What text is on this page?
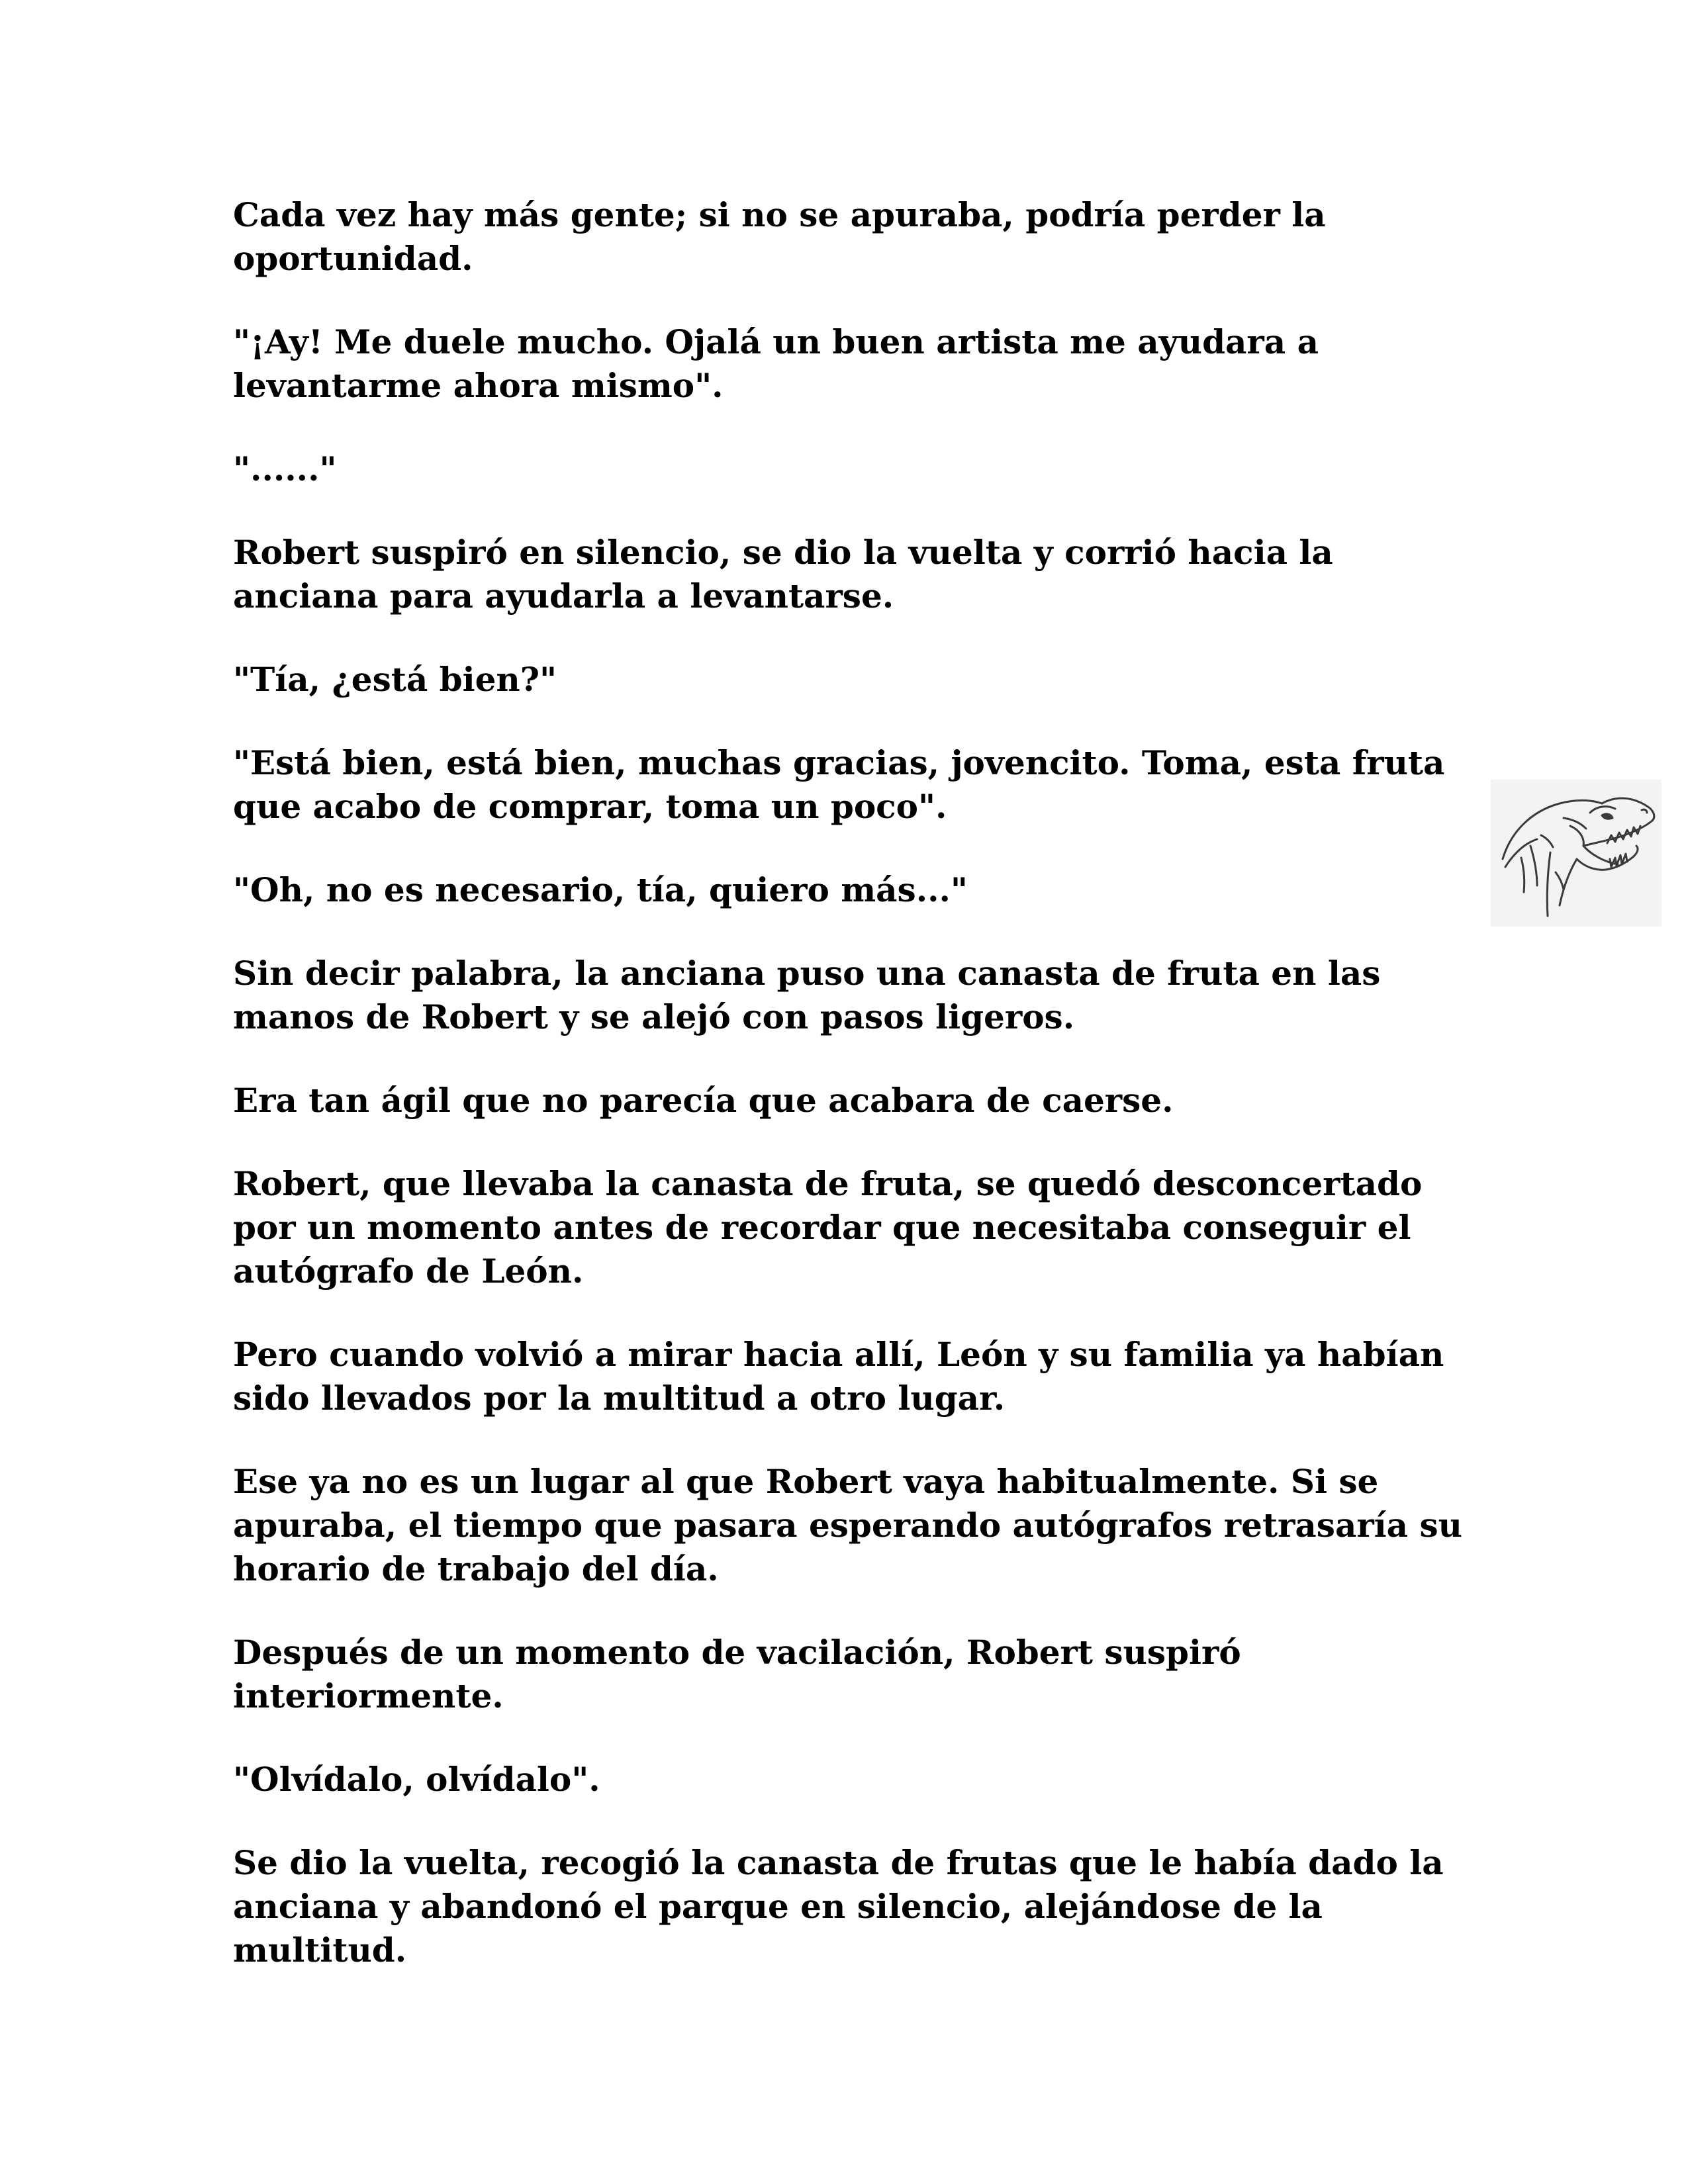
Cada vez hay más gente; si no se apuraba, podría perder la oportunidad.

"¡Ay! Me duele mucho. Ojalá un buen artista me ayudara a levantarme ahora mismo".

"......"

Robert suspiró en silencio, se dio la vuelta y corrió hacia la anciana para ayudarla a levantarse.

"Tía, ¿está bien?"

"Está bien, está bien, muchas gracias, jovencito. Toma, esta fruta que acabo de comprar, toma un poco".

"Oh, no es necesario, tía, quiero más..."

Sin decir palabra, la anciana puso una canasta de fruta en las manos de Robert y se alejó con pasos ligeros.

Era tan ágil que no parecía que acabara de caerse.

Robert, que llevaba la canasta de fruta, se quedó desconcertado por un momento antes de recordar que necesitaba conseguir el autógrafo de León.

Pero cuando volvió a mirar hacia allí, León y su familia ya habían sido llevados por la multitud a otro lugar.

Ese ya no es un lugar al que Robert vaya habitualmente. Si se apuraba, el tiempo que pasara esperando autógrafos retrasaría su horario de trabajo del día.

Después de un momento de vacilación, Robert suspiró interiormente.

"Olvídalo, olvídalo".

Se dio la vuelta, recogió la canasta de frutas que le había dado la anciana y abandonó el parque en silencio, alejándose de la multitud.
